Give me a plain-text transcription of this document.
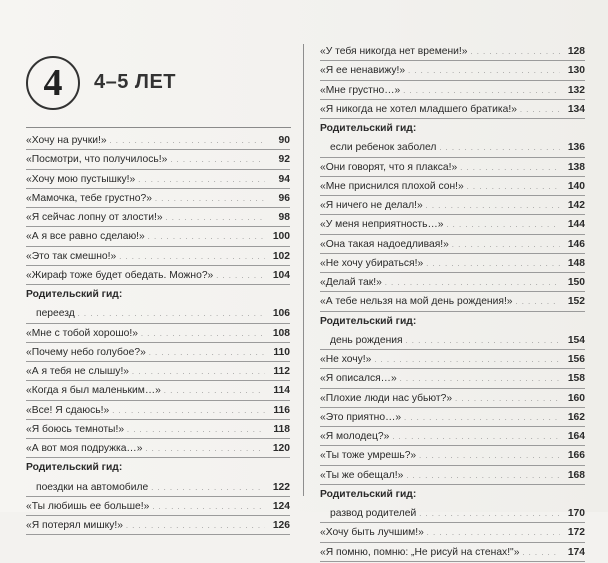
4	4–5 ЛЕТ
«Хочу на ручки!» . . .	90
«Посмотри, что получилось!» . . .	92
«Хочу мою пустышку!» . . .	94
«Мамочка, тебе грустно?» . . .	96
«Я сейчас лопну от злости!» . . .	98
«А я все равно сделаю!» . . .	100
«Это так смешно!» . . .	102
«Жираф тоже будет обедать. Можно?» . . .	104
Родительский гид:
переезд . . .	106
«Мне с тобой хорошо!» . . .	108
«Почему небо голубое?» . . .	110
«А я тебя не слышу!» . . .	112
«Когда я был маленьким…» . . .	114
«Все! Я сдаюсь!» . . .	116
«Я боюсь темноты!» . . .	118
«А вот моя подружка…» . . .	120
Родительский гид:
поездки на автомобиле . . .	122
«Ты любишь ее больше!» . . .	124
«Я потерял мишку!» . . .	126
«У тебя никогда нет времени!» . . .	128
«Я ее ненавижу!» . . .	130
«Мне грустно…» . . .	132
«Я никогда не хотел младшего братика!» . . .	134
Родительский гид:
если ребенок заболел . . .	136
«Они говорят, что я плакса!» . . .	138
«Мне приснился плохой сон!» . . .	140
«Я ничего не делал!» . . .	142
«У меня неприятность…» . . .	144
«Она такая надоедливая!» . . .	146
«Не хочу убираться!» . . .	148
«Делай так!» . . .	150
«А тебе нельзя на мой день рождения!» . . .	152
Родительский гид:
день рождения . . .	154
«Не хочу!» . . .	156
«Я описался…» . . .	158
«Плохие люди нас убьют?» . . .	160
«Это приятно…» . . .	162
«Я молодец?» . . .	164
«Ты тоже умрешь?» . . .	166
«Ты же обещал!» . . .	168
Родительский гид:
развод родителей . . .	170
«Хочу быть лучшим!» . . .	172
«Я помню, помню: „Не рисуй на стенах!"» . . .	174
